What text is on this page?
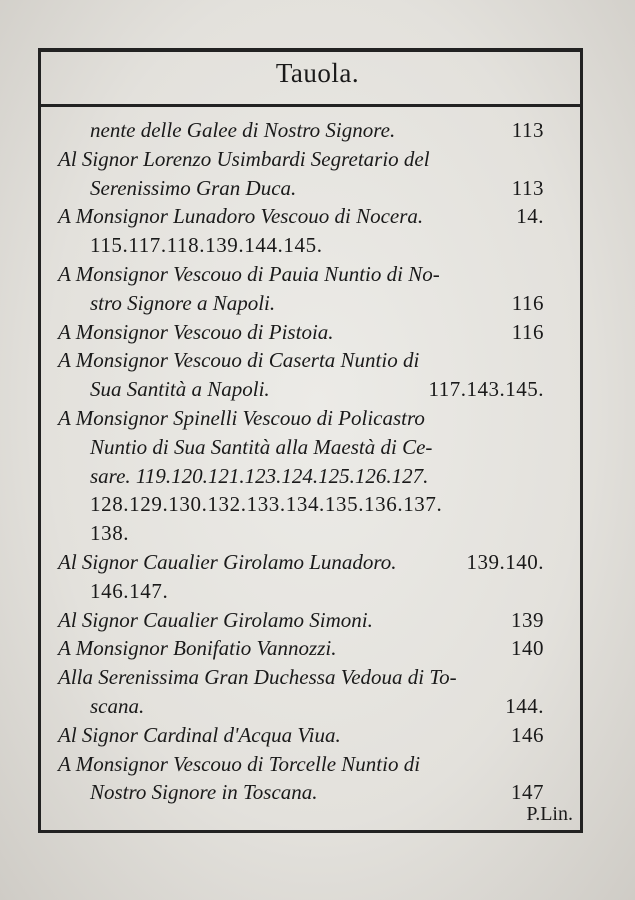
Tauola.
nente delle Galee di Nostro Signore.	113
Al Signor Lorenzo Usimbardi Segretario del
Serenissimo Gran Duca.	113
A Monsignor Lunadoro Vescouo di Nocera.	14.
115.117.118.139.144.145.
A Monsignor Vescouo di Pauia Nuntio di No-
stro Signore a Napoli.	116
A Monsignor Vescouo di Pistoia.	116
A Monsignor Vescouo di Caserta Nuntio di
Sua Santità a Napoli.	117.143.145.
A Monsignor Spinelli Vescouo di Policastro
Nuntio di Sua Santità alla Maestà di Ce-
sare. 119.120.121.123.124.125.126.127.
128.129.130.132.133.134.135.136.137.
138.
Al Signor Caualier Girolamo Lunadoro.	139.140.
146.147.
Al Signor Caualier Girolamo Simoni.	139
A Monsignor Bonifatio Vannozzi.	140
Alla Serenissima Gran Duchessa Vedoua di To-
scana.	144.
Al Signor Cardinal d'Acqua Viua.	146
A Monsignor Vescouo di Torcelle Nuntio di
Nostro Signore in Toscana.	147
P.Lin.
